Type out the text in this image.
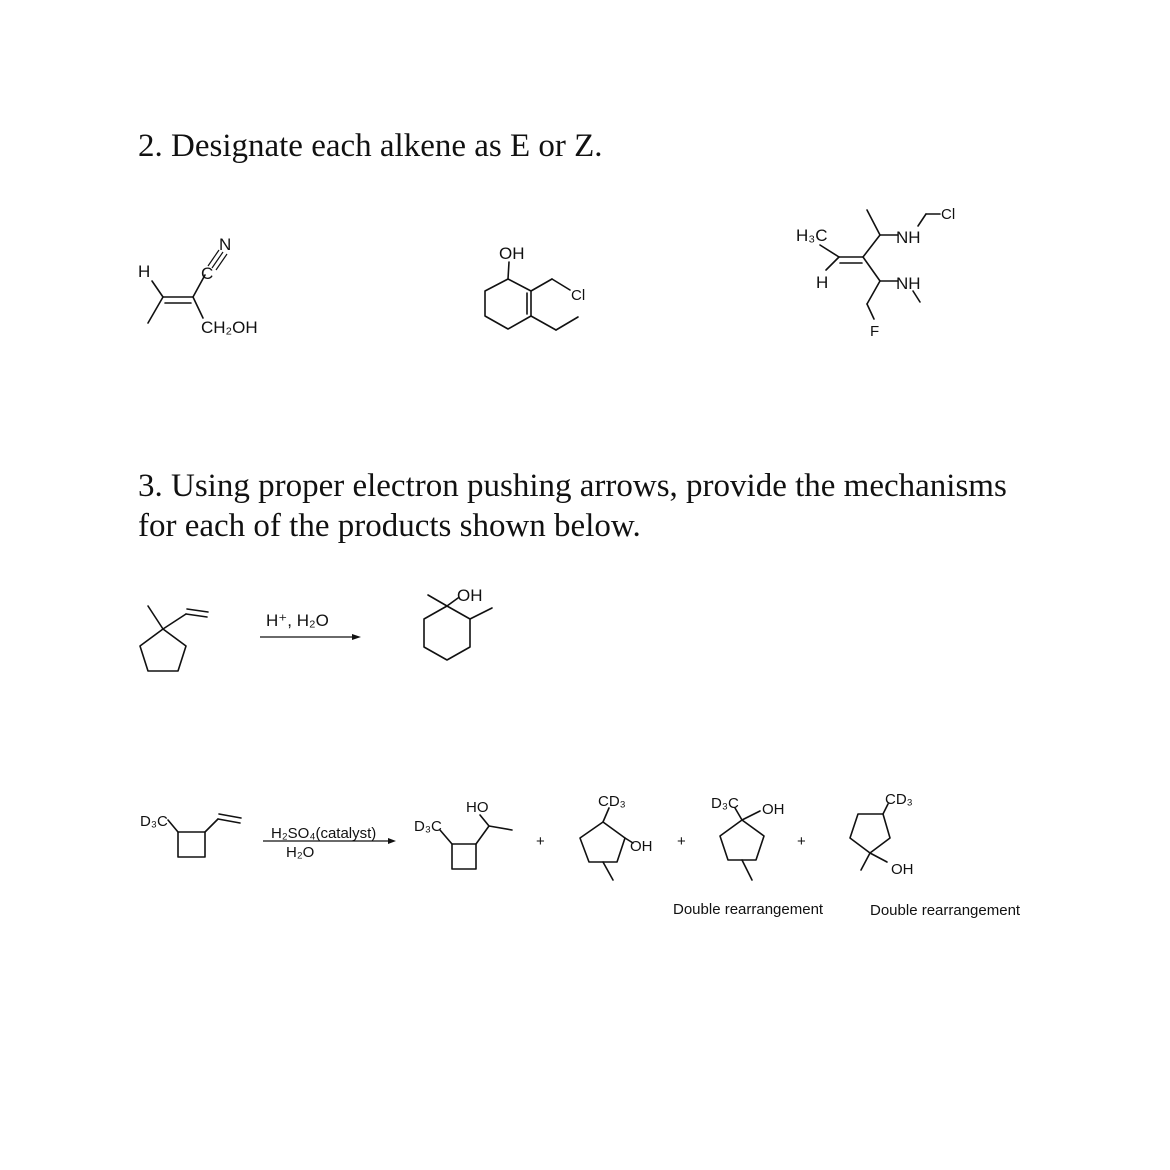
2. Designate each alkene as E or Z.
3. Using proper electron pushing arrows, provide the mechanisms for each of the products shown below.
H	C
N
CH₂OH
OH
Cl
H₃C
H
NH
NH
Cl
F
H⁺, H₂O
OH
D₃C
H₂SO₄(catalyst)
H₂O
D₃C
HO
+
CD₃
OH +
D₃C OH
+
CD₃
OH
Double rearrangement	Double rearrangement
